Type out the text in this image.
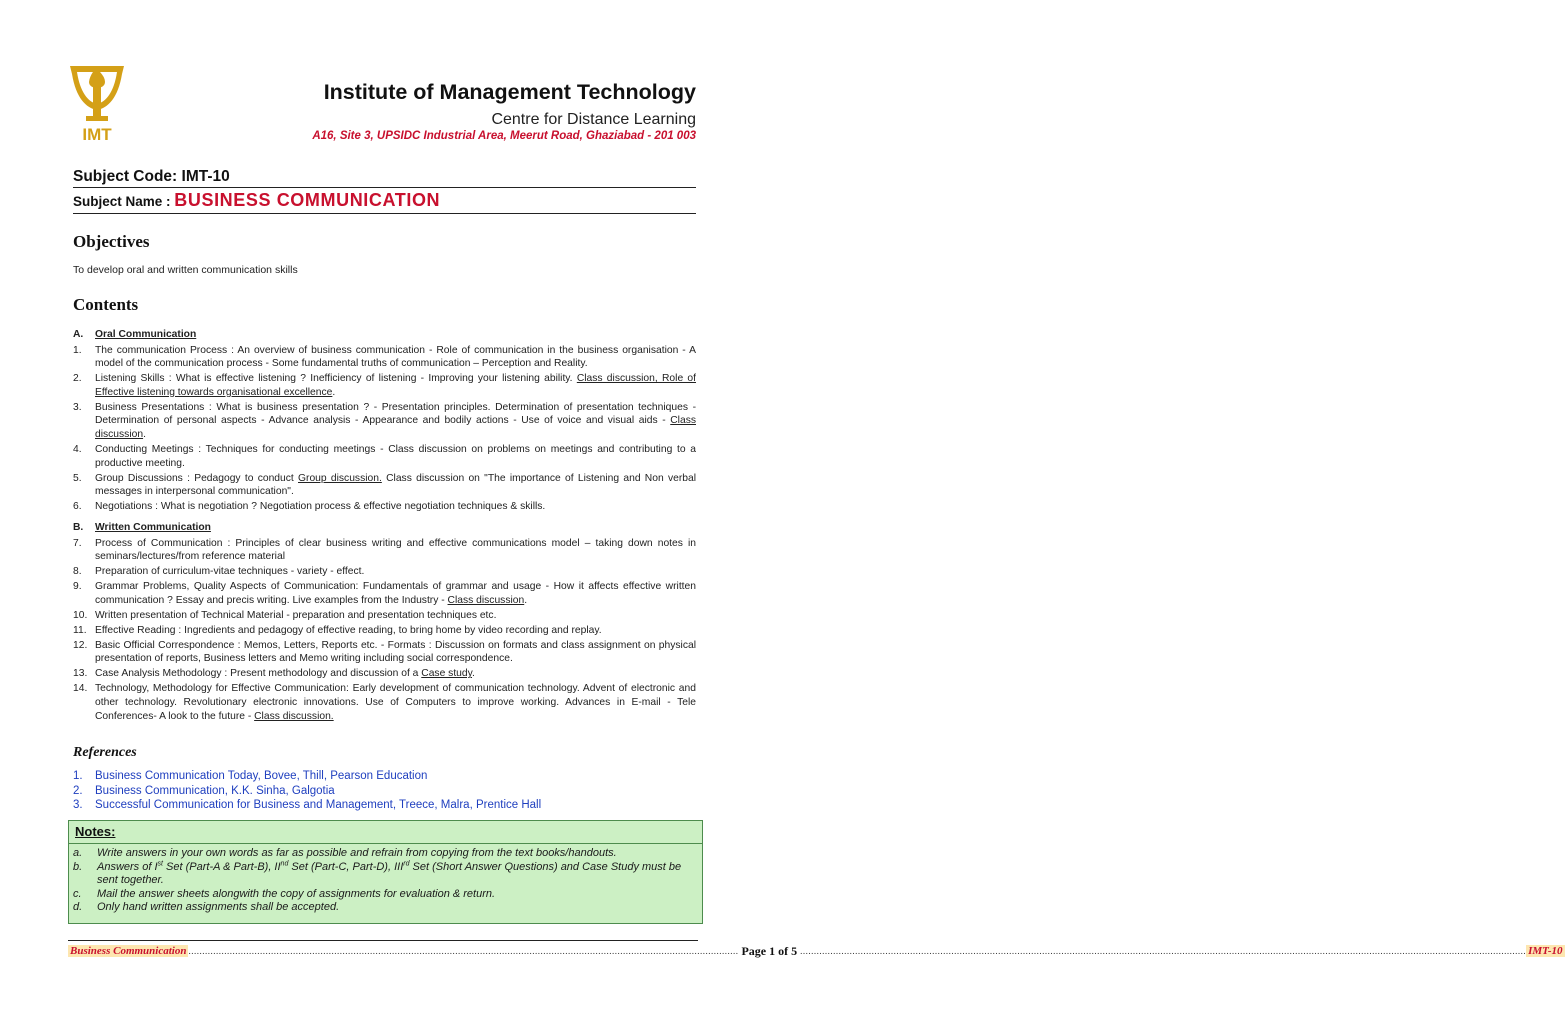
IMT
Institute of Management Technology
Centre for Distance Learning
A16, Site 3, UPSIDC Industrial Area, Meerut Road, Ghaziabad - 201 003
Subject Code: IMT-10
Subject Name : BUSINESS COMMUNICATION
Objectives
To develop oral and written communication skills
Contents
A.	Oral Communication
1.	The communication Process : An overview of business communication - Role of communication in the business organisation - A model of the communication process - Some fundamental truths of communication – Perception and Reality.
2.	Listening Skills : What is effective listening ? Inefficiency of listening - Improving your listening ability. Class discussion, Role of Effective listening towards organisational excellence.
3.	Business Presentations : What is business presentation ? - Presentation principles. Determination of presentation techniques - Determination of personal aspects - Advance analysis - Appearance and bodily actions - Use of voice and visual aids - Class discussion.
4.	Conducting Meetings : Techniques for conducting meetings - Class discussion on problems on meetings and contributing to a productive meeting.
5.	Group Discussions : Pedagogy to conduct Group discussion. Class discussion on "The importance of Listening and Non verbal messages in interpersonal communication".
6.	Negotiations : What is negotiation ? Negotiation process & effective negotiation techniques & skills.
B.	Written Communication
7.	Process of Communication : Principles of clear business writing and effective communications model – taking down notes in seminars/lectures/from reference material
8.	Preparation of curriculum-vitae techniques - variety - effect.
9.	Grammar Problems, Quality Aspects of Communication: Fundamentals of grammar and usage - How it affects effective written communication ? Essay and precis writing. Live examples from the Industry - Class discussion.
10. Written presentation of Technical Material - preparation and presentation techniques etc.
11. Effective Reading : Ingredients and pedagogy of effective reading, to bring home by video recording and replay.
12. Basic Official Correspondence : Memos, Letters, Reports etc. - Formats : Discussion on formats and class assignment on physical presentation of reports, Business letters and Memo writing including social correspondence.
13. Case Analysis Methodology : Present methodology and discussion of a Case study.
14. Technology, Methodology for Effective Communication: Early development of communication technology. Advent of electronic and other technology. Revolutionary electronic innovations. Use of Computers to improve working. Advances in E-mail - Tele Conferences- A look to the future - Class discussion.
References
1.	Business Communication Today, Bovee, Thill, Pearson Education
2.	Business Communication, K.K. Sinha, Galgotia
3.	Successful Communication for Business and Management, Treece, Malra, Prentice Hall
Notes:
a.	Write answers in your own words as far as possible and refrain from copying from the text books/handouts.
b.	Answers of Ist Set (Part-A & Part-B), IInd Set (Part-C, Part-D), IIIrd Set (Short Answer Questions) and Case Study must be sent together.
c.	Mail the answer sheets alongwith the copy of assignments for evaluation & return.
d.	Only hand written assignments shall be accepted.
Business Communication ........................................................................................................................................................................................................ Page 1 of 5 ........................................................................................................................................................................................................................................................................ IMT-10
